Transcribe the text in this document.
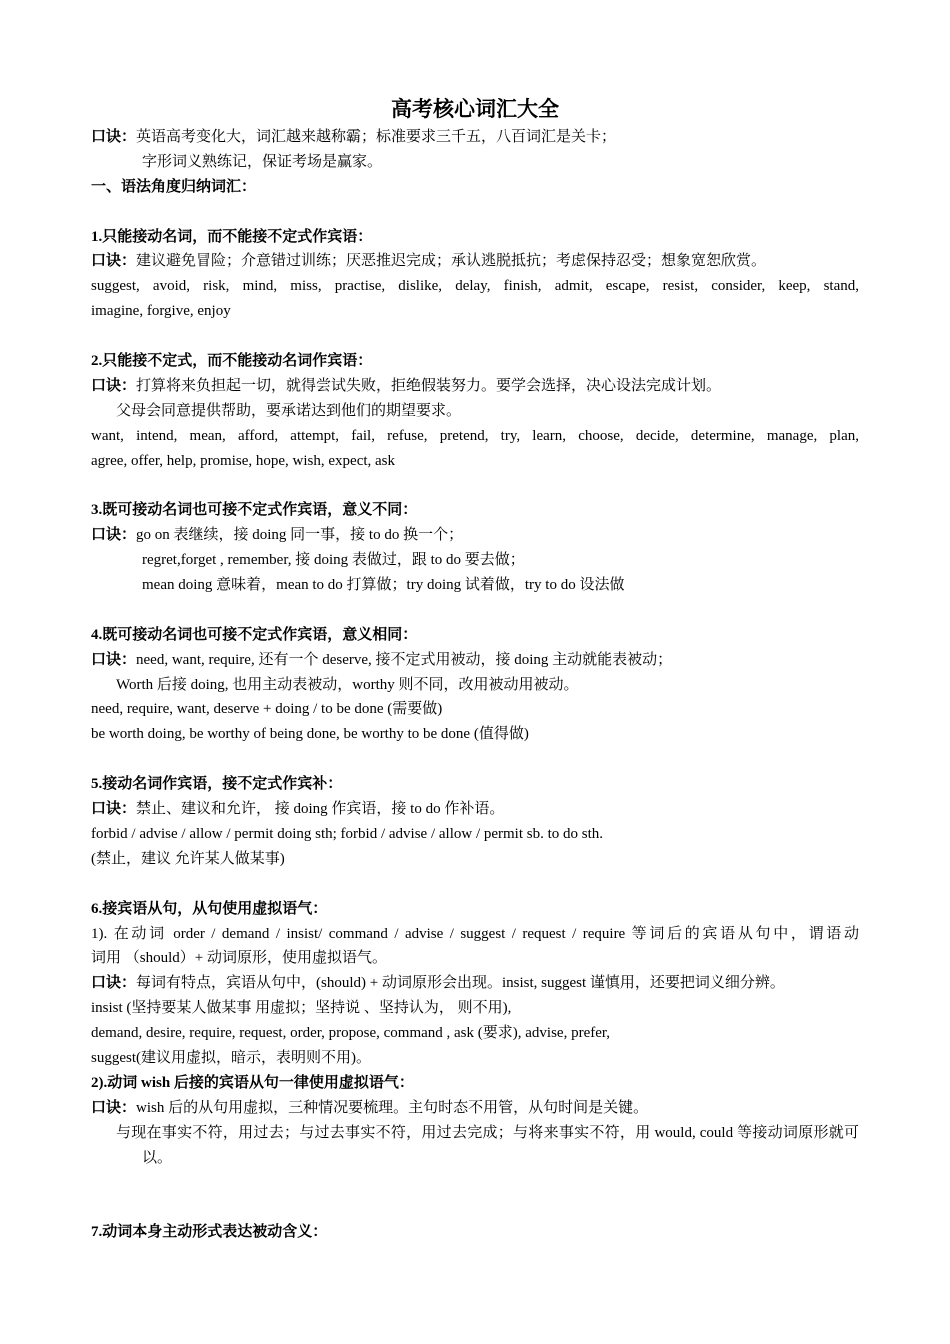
高考核心词汇大全
口诀：英语高考变化大，词汇越来越称霸；标准要求三千五，八百词汇是关卡；
字形词义熟练记，保证考场是赢家。
一、语法角度归纳词汇：
1.只能接动名词，而不能接不定式作宾语：
口诀：建议避免冒险；介意错过训练；厌恶推迟完成；承认逃脱抵抗；考虑保持忍受；想象宽恕欣赏。
suggest, avoid, risk, mind, miss, practise, dislike, delay, finish, admit, escape, resist, consider, keep, stand,
imagine, forgive, enjoy
2.只能接不定式，而不能接动名词作宾语：
口诀：打算将来负担起一切，就得尝试失败，拒绝假装努力。要学会选择，决心设法完成计划。
父母会同意提供帮助，要承诺达到他们的期望要求。
want, intend, mean, afford, attempt, fail, refuse, pretend, try, learn, choose, decide, determine, manage, plan,
agree, offer, help, promise, hope, wish, expect, ask
3.既可接动名词也可接不定式作宾语，意义不同：
口诀：go on 表继续，接 doing 同一事，接 to do 换一个；
regret,forget , remember, 接 doing 表做过，跟 to do 要去做；
mean doing 意味着，mean to do 打算做；try doing 试着做，try to do 设法做
4.既可接动名词也可接不定式作宾语，意义相同：
口诀：need, want, require, 还有一个 deserve, 接不定式用被动，接 doing 主动就能表被动；
Worth 后接 doing, 也用主动表被动，worthy 则不同，改用被动用被动。
need, require, want, deserve + doing / to be done (需要做)
be worth doing, be worthy of being done, be worthy to be done (值得做)
5.接动名词作宾语，接不定式作宾补：
口诀：禁止、建议和允许， 接 doing 作宾语，接 to do 作补语。
forbid / advise / allow / permit doing sth; forbid / advise / allow / permit sb. to do sth.
(禁止，建议 允许某人做某事)
6.接宾语从句，从句使用虚拟语气：
1). 在动词 order / demand / insist/ command / advise / suggest / request / require 等词后的宾语从句中，谓语动
词用 （should）+ 动词原形，使用虚拟语气。
口诀：每词有特点，宾语从句中，(should) + 动词原形会出现。insist, suggest 谨慎用，还要把词义细分辨。
insist (坚持要某人做某事 用虚拟；坚持说 、坚持认为， 则不用),
demand, desire, require, request, order, propose, command , ask (要求), advise, prefer,
suggest(建议用虚拟，暗示，表明则不用)。
2).动词 wish 后接的宾语从句一律使用虚拟语气：
口诀：wish 后的从句用虚拟，三种情况要梳理。主句时态不用管，从句时间是关键。
与现在事实不符，用过去；与过去事实不符，用过去完成；与将来事实不符，用 would, could 等接动词原形就可以。
7.动词本身主动形式表达被动含义：
